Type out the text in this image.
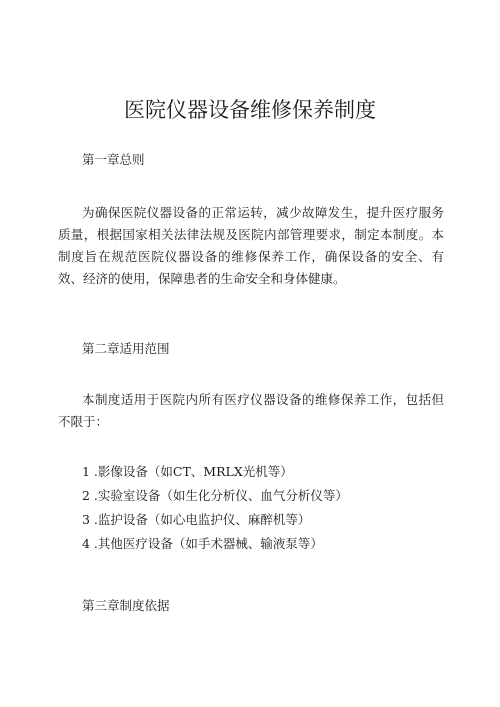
医院仪器设备维修保养制度
第一章总则

为确保医院仪器设备的正常运转，减少故障发生，提升医疗服务质量，根据国家相关法律法规及医院内部管理要求，制定本制度。本制度旨在规范医院仪器设备的维修保养工作，确保设备的安全、有效、经济的使用，保障患者的生命安全和身体健康。

第二章适用范围

本制度适用于医院内所有医疗仪器设备的维修保养工作，包括但不限于：

1 .影像设备（如CT、MRLX光机等）
2 .实验室设备（如生化分析仪、血气分析仪等）
3 .监护设备（如心电监护仪、麻醉机等）
4 .其他医疗设备（如手术器械、输液泵等）
第三章制度依据
